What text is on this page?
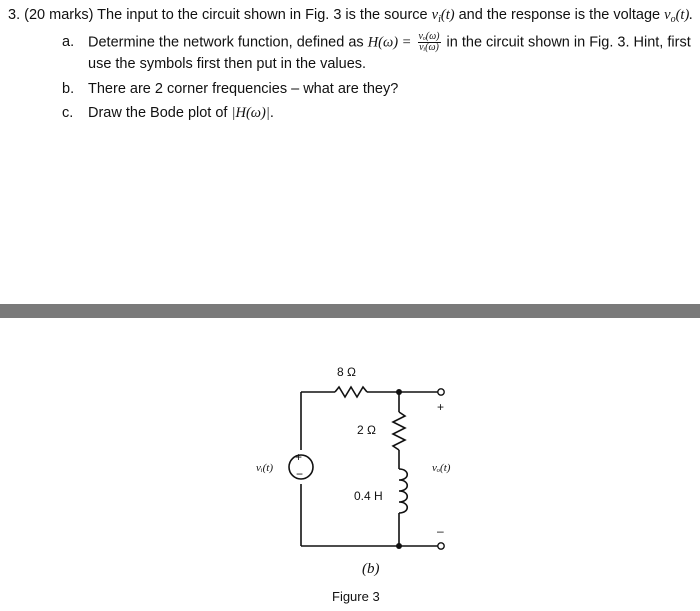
3. (20 marks) The input to the circuit shown in Fig. 3 is the source $v_i(t)$ and the response is the voltage $v_o(t)$.
a. Determine the network function, defined as $H(\omega) = \frac{\text{vₒ(ω)}}{\text{vᵢ(ω)}}$ in the circuit shown in Fig. 3. Hint, first
use the symbols first then put in the values.
b. There are 2 corner frequencies – what are they?
c. Draw the Bode plot of |H(ω)|.
+
−
8 Ω
2 Ω
0.4 H
vᵢ(t)	vₒ(t)
+
–
(b)
Figure 3
